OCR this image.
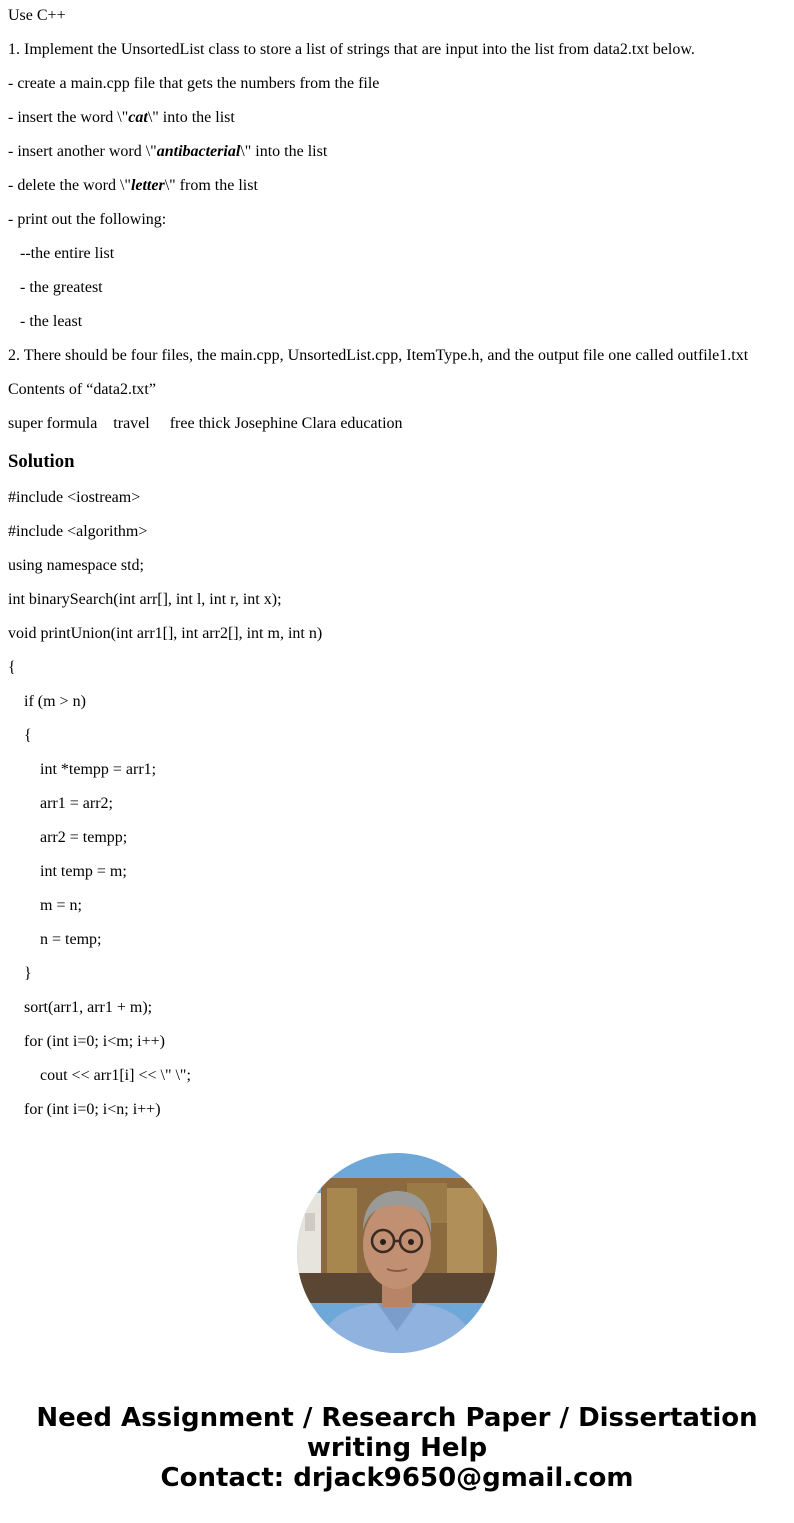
Use C++

1. Implement the UnsortedList class to store a list of strings that are input into the list from data2.txt below.

- create a main.cpp file that gets the numbers from the file

- insert the word \"cat\" into the list

- insert another word \"antibacterial\" into the list

- delete the word \"letter\" from the list

- print out the following:

--the entire list

- the greatest

- the least

2. There should be four files, the main.cpp, UnsortedList.cpp, ItemType.h, and the output file one called outfile1.txt

Contents of “data2.txt”

super formula    travel     free thick Josephine Clara education

Solution

#include <iostream>

#include <algorithm>

using namespace std;

int binarySearch(int arr[], int l, int r, int x);

void printUnion(int arr1[], int arr2[], int m, int n)

{

if (m > n)

{

int *tempp = arr1;

arr1 = arr2;

arr2 = tempp;

int temp = m;

m = n;

n = temp;

}

sort(arr1, arr1 + m);

for (int i=0; i<m; i++)

cout << arr1[i] << \" \";

for (int i=0; i<n; i++)

Need Assignment / Research Paper / Dissertation
writing Help
Contact: drjack9650@gmail.com
